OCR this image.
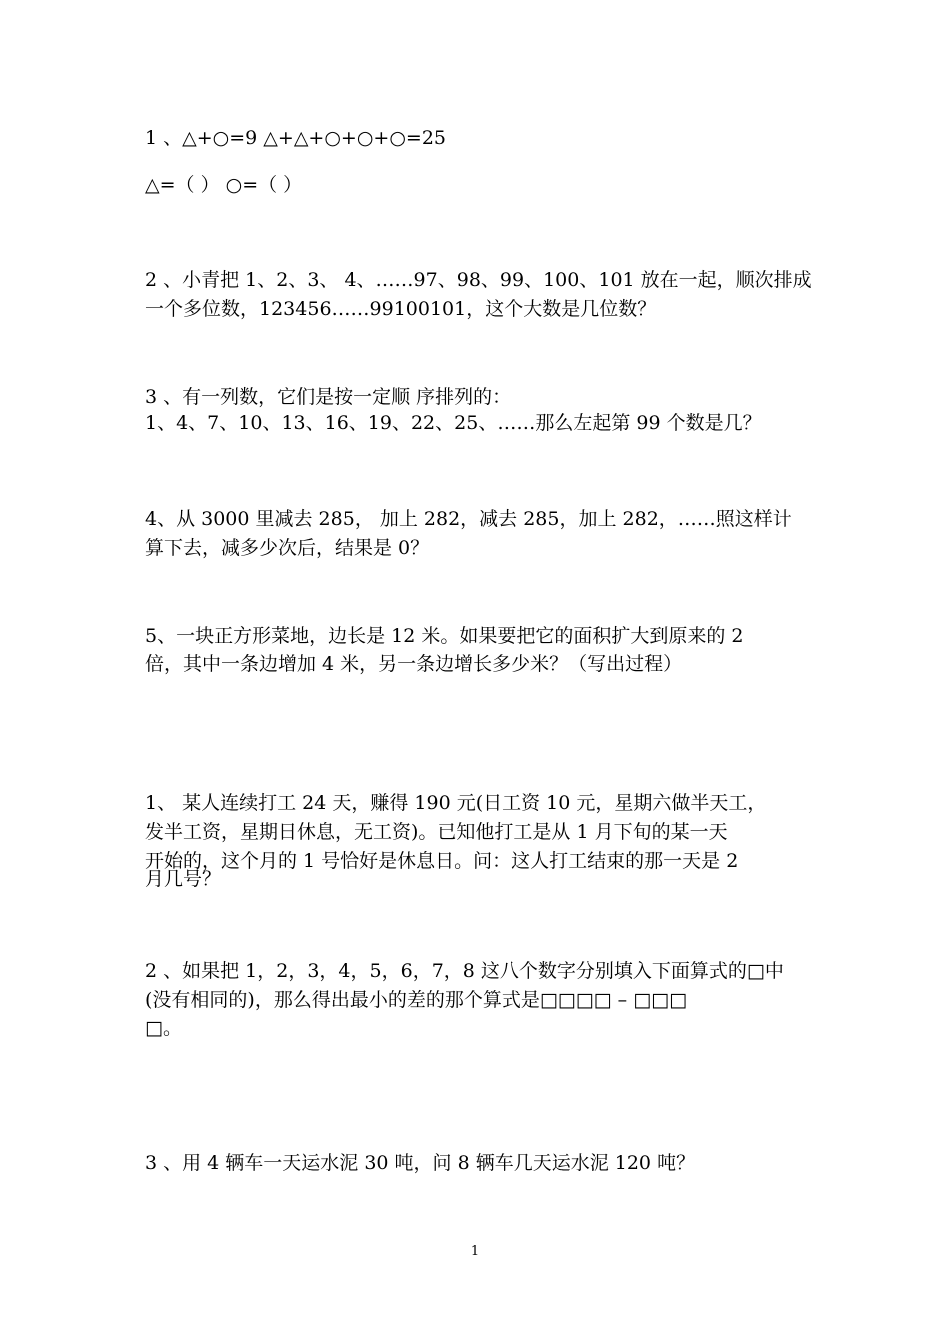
1 、△+○=9 △+△+○+○+○=25
△=（ ） ○=（ ）
2 、小青把 1、2、3、 4、……97、98、99、100、101 放在一起，顺次排成
一个多位数，123456……99100101，这个大数是几位数？
3 、有一列数，它们是按一定顺 序排列的：
1、4、7、10、13、16、19、22、25、……那么左起第 99 个数是几？
4、从 3000 里减去 285， 加上 282，减去 285，加上 282，……照这样计
算下去，减多少次后，结果是 0？
5、一块正方形菜地，边长是 12 米。如果要把它的面积扩大到原来的 2
倍，其中一条边增加 4 米，另一条边增长多少米？（写出过程）
1、 某人连续打工 24 天，赚得 190 元(日工资 10 元，星期六做半天工，
发半工资，星期日休息，无工资)。已知他打工是从 1 月下旬的某一天
开始的，这个月的 1 号恰好是休息日。问：这人打工结束的那一天是 2
月几号？
2 、如果把 1，2，3，4，5，6，7，8 这八个数字分别填入下面算式的□中
(没有相同的)，那么得出最小的差的那个算式是□□□□ – □□□
□。
3 、用 4 辆车一天运水泥 30 吨，问 8 辆车几天运水泥 120 吨？
1
